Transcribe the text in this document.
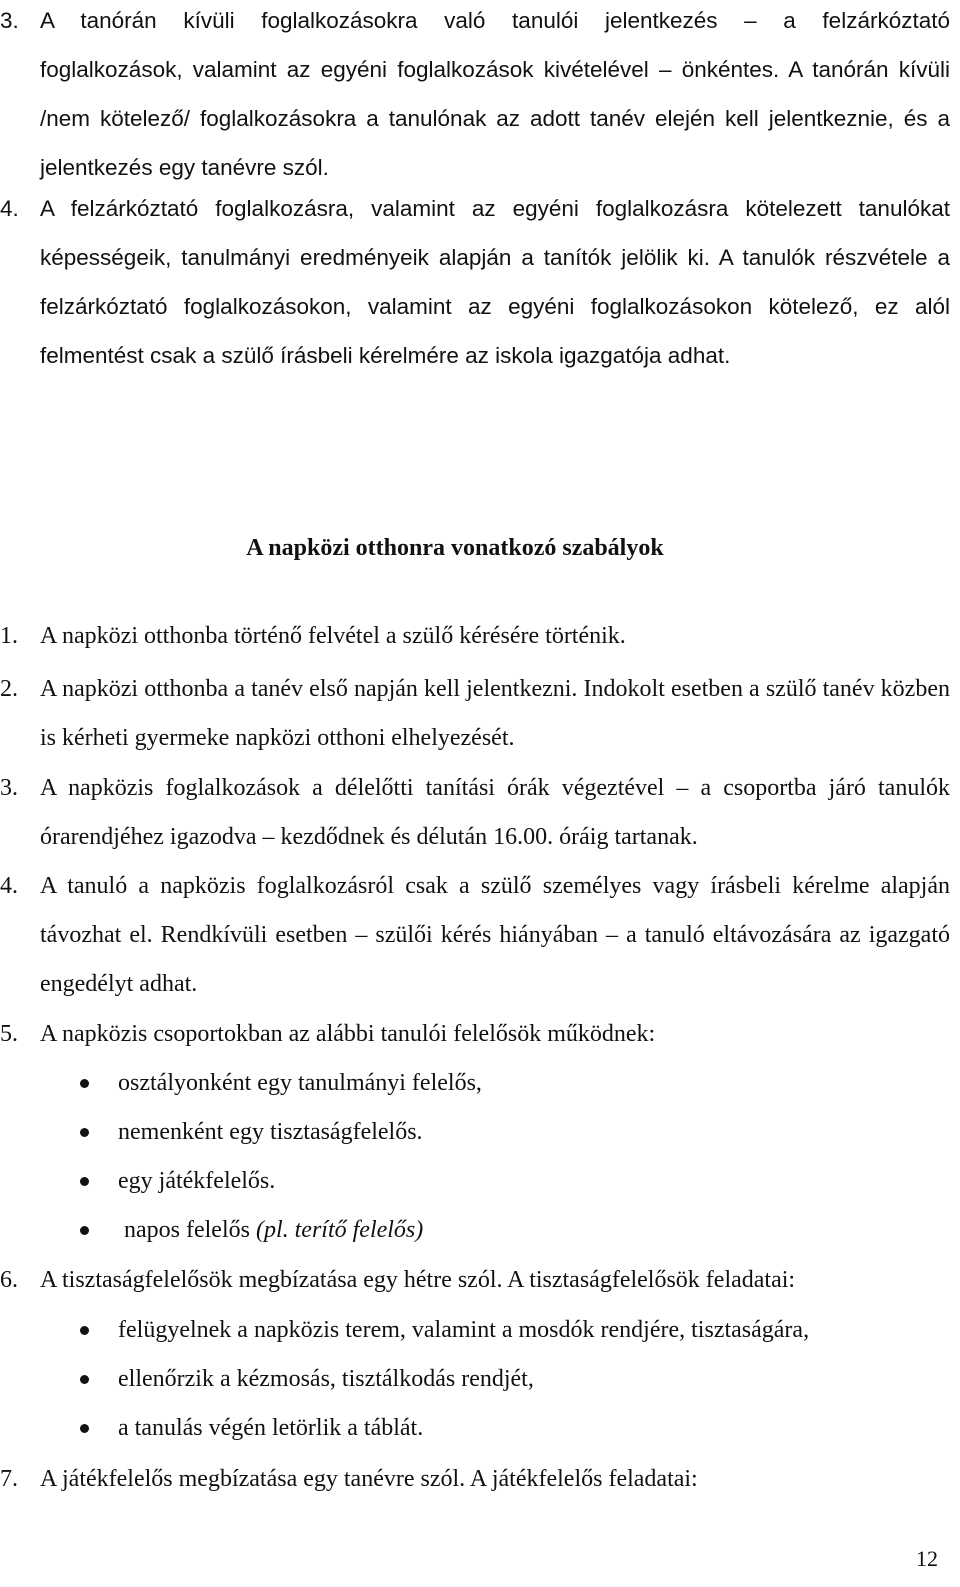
3. A tanórán kívüli foglalkozásokra való tanulói jelentkezés – a felzárkóztató
foglalkozások, valamint az egyéni foglalkozások kivételével – önkéntes. A tanórán kívüli /nem kötelező/ foglalkozásokra a tanulónak az adott tanév elején kell jelentkeznie, és a jelentkezés egy tanévre szól.
4. A felzárkóztató foglalkozásra, valamint az egyéni foglalkozásra kötelezett tanulókat képességeik, tanulmányi eredményeik alapján a tanítók jelölik ki. A tanulók részvétele a felzárkóztató foglalkozásokon, valamint az egyéni foglalkozásokon kötelező, ez alól felmentést csak a szülő írásbeli kérelmére az iskola igazgatója adhat.
A napközi otthonra vonatkozó szabályok
1. A napközi otthonba történő felvétel a szülő kérésére történik.
2. A napközi otthonba a tanév első napján kell jelentkezni. Indokolt esetben a szülő tanév közben is kérheti gyermeke napközi otthoni elhelyezését.
3. A napközis foglalkozások a délelőtti tanítási órák végeztével – a csoportba járó tanulók órarendjéhez igazodva – kezdődnek és délután 16.00. óráig tartanak.
4. A tanuló a napközis foglalkozásról csak a szülő személyes vagy írásbeli kérelme alapján távozhat el. Rendkívüli esetben – szülői kérés hiányában – a tanuló eltávozására az igazgató engedélyt adhat.
5. A napközis csoportokban az alábbi tanulói felelősök működnek:
osztályonként egy tanulmányi felelős,
nemenként egy tisztaságfelelős.
egy játékfelelős.
napos felelős (pl. terítő felelős)
6. A tisztaságfelelősök megbízatása egy hétre szól. A tisztaságfelelősök feladatai:
felügyelnek a napközis terem, valamint a mosdók rendjére, tisztaságára,
ellenőrzik a kézmosás, tisztálkodás rendjét,
a tanulás végén letörlik a táblát.
7. A játékfelelős megbízatása egy tanévre szól. A játékfelelős feladatai:
12
